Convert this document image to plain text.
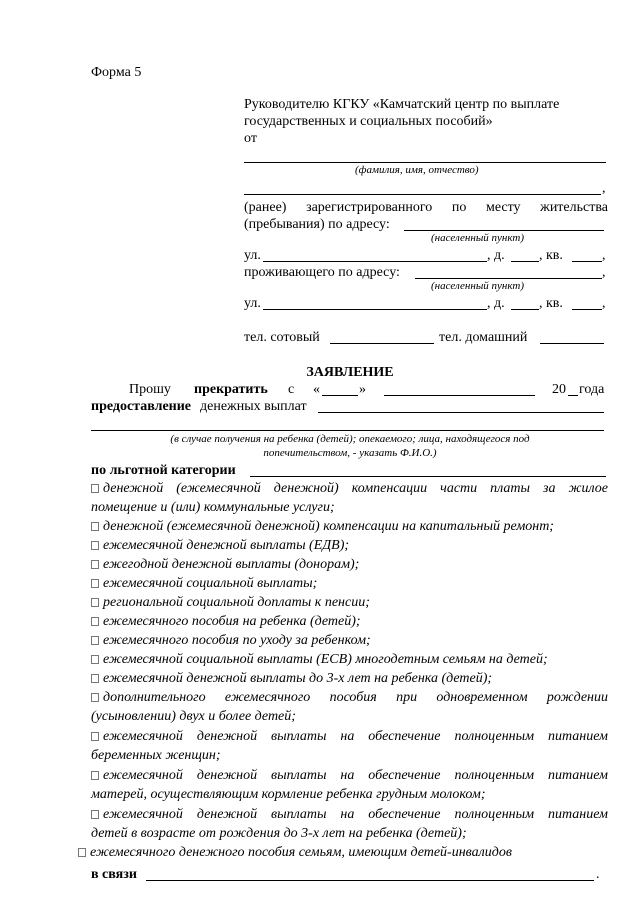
Форма 5
Руководителю КГКУ «Камчатский центр по выплате
государственных и социальных пособий»
от
(фамилия, имя, отчество)
,
(ранее) зарегистрированного по месту жительства
(пребывания) по адресу:
(населенный пункт)
ул.	, д. , кв.	,
проживающего по адресу:	,
(населенный пункт)
ул.	, д. , кв.	,
тел. сотовый	тел. домашний
ЗАЯВЛЕНИЕ
Прошу прекратить с «	»	20 года
предоставление денежных выплат
(в случае получения на ребенка (детей); опекаемого; лица, находящегося под
попечительством, - указать Ф.И.О.)
по льготной категории
денежной (ежемесячной денежной) компенсации части платы за жилое
помещение и (или) коммунальные услуги;
денежной (ежемесячной денежной) компенсации на капитальный ремонт;
ежемесячной денежной выплаты (ЕДВ);
ежегодной денежной выплаты (донорам);
ежемесячной социальной выплаты;
региональной социальной доплаты к пенсии;
ежемесячного пособия на ребенка (детей);
ежемесячного пособия по уходу за ребенком;
ежемесячной социальной выплаты (ЕСВ) многодетным семьям на детей;
ежемесячной денежной выплаты до 3-х лет на ребенка (детей);
дополнительного ежемесячного пособия при одновременном рождении
(усыновлении) двух и более детей;
ежемесячной денежной выплаты на обеспечение полноценным питанием
беременных женщин;
ежемесячной денежной выплаты на обеспечение полноценным питанием
матерей, осуществляющим кормление ребенка грудным молоком;
ежемесячной денежной выплаты на обеспечение полноценным питанием
детей в возрасте от рождения до 3-х лет на ребенка (детей);
ежемесячного денежного пособия семьям, имеющим детей-инвалидов
в связи	.
